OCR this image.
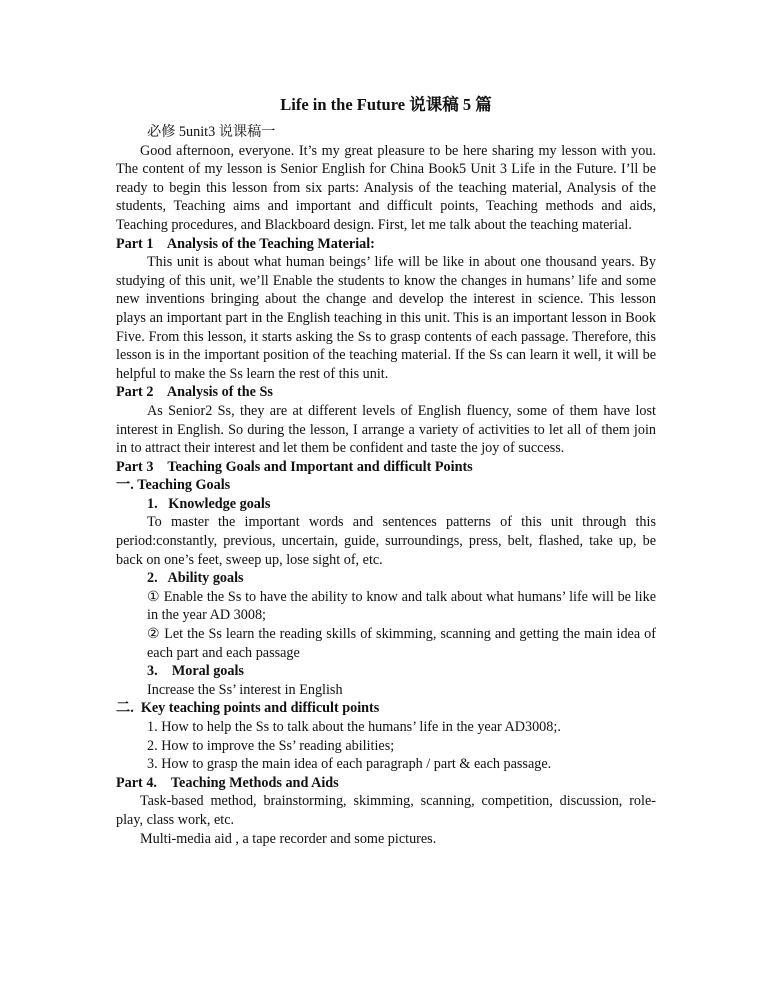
Life in the Future 说课稿 5 篇

必修 5unit3 说课稿一

Good afternoon, everyone. It’s my great pleasure to be here sharing my lesson with you. The content of my lesson is Senior English for China Book5 Unit 3 Life in the Future. I’ll be ready to begin this lesson from six parts: Analysis of the teaching material, Analysis of the students, Teaching aims and important and difficult points, Teaching methods and aids, Teaching procedures, and Blackboard design. First, let me talk about the teaching material.

Part 1    Analysis of the Teaching Material:

This unit is about what human beings’ life will be like in about one thousand years. By studying of this unit, we’ll Enable the students to know the changes in humans’ life and some new inventions bringing about the change and develop the interest in science. This lesson plays an important part in the English teaching in this unit. This is an important lesson in Book Five. From this lesson, it starts asking the Ss to grasp contents of each passage. Therefore, this lesson is in the important position of the teaching material. If the Ss can learn it well, it will be helpful to make the Ss learn the rest of this unit.

Part 2    Analysis of the Ss

As Senior2 Ss, they are at different levels of English fluency, some of them have lost interest in English. So during the lesson, I arrange a variety of activities to let all of them join in to attract their interest and let them be confident and taste the joy of success.

Part 3    Teaching Goals and Important and difficult Points

一. Teaching Goals

1.   Knowledge goals

To master the important words and sentences patterns of this unit through this period:constantly, previous, uncertain, guide, surroundings, press, belt, flashed, take up, be back on one’s feet, sweep up, lose sight of, etc.

2.   Ability goals

① Enable the Ss to have the ability to know and talk about what humans’ life will be like in the year AD 3008;

② Let the Ss learn the reading skills of skimming, scanning and getting the main idea of each part and each passage

3.    Moral goals

Increase the Ss’ interest in English

二.  Key teaching points and difficult points

1. How to help the Ss to talk about the humans’ life in the year AD3008;.

2. How to improve the Ss’ reading abilities;

3. How to grasp the main idea of each paragraph / part & each passage.

Part 4.    Teaching Methods and Aids

Task-based method, brainstorming, skimming, scanning, competition, discussion, role-play, class work, etc.

Multi-media aid , a tape recorder and some pictures.
